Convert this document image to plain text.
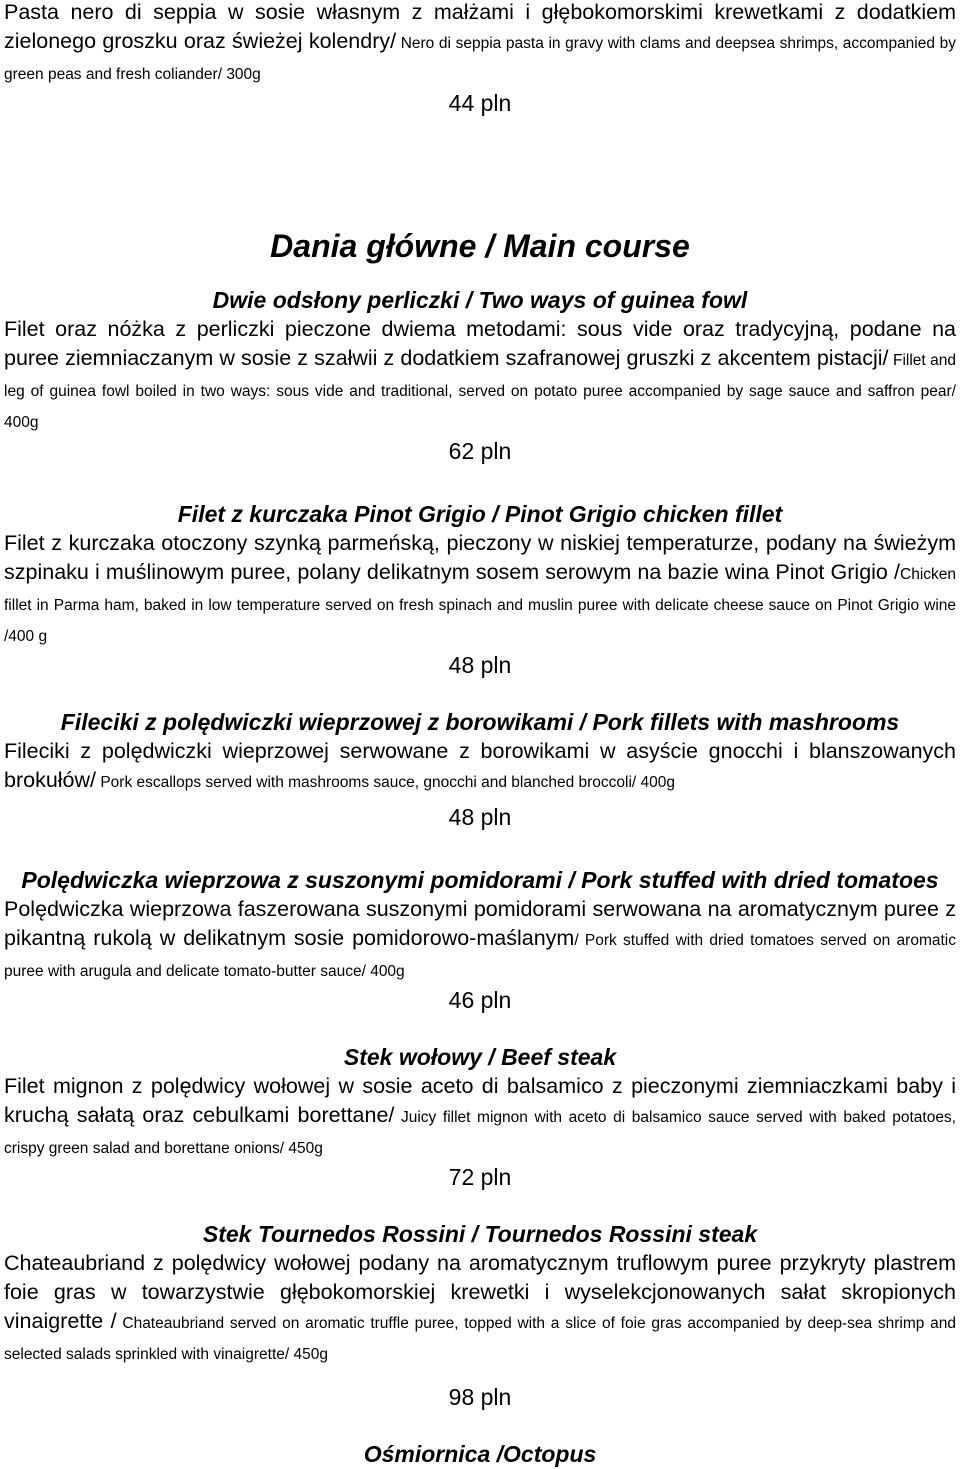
Pasta nero di seppia w sosie własnym z małżami i głębokomorskimi krewetkami z dodatkiem zielonego groszku oraz świeżej kolendry/ Nero di seppia pasta in gravy with clams and deepsea shrimps, accompanied by green peas and fresh coliander/ 300g

44 pln

Dania główne / Main course
Dwie odsłony perliczki / Two ways of guinea fowl

Filet oraz nóżka z perliczki pieczone dwiema metodami: sous vide oraz tradycyjną, podane na puree ziemniaczanym w sosie z szałwii z dodatkiem szafranowej gruszki z akcentem pistacji/ Fillet and leg of guinea fowl boiled in two ways: sous vide and traditional, served on potato puree accompanied by sage sauce and saffron pear/ 400g

62 pln

Filet z kurczaka Pinot Grigio / Pinot Grigio chicken fillet

Filet z kurczaka otoczony szynką parmeńską, pieczony w niskiej temperaturze, podany na świeżym szpinaku i muślinowym puree, polany delikatnym sosem serowym na bazie wina Pinot Grigio /Chicken fillet in Parma ham, baked in low temperature served on fresh spinach and muslin puree with delicate cheese sauce on Pinot Grigio wine /400 g

48 pln

Fileciki z polędwiczki wieprzowej z borowikami / Pork fillets with mashrooms

Fileciki z polędwiczki wieprzowej serwowane z borowikami w asyście gnocchi i blanszowanych brokułów/ Pork escallops served with mashrooms sauce, gnocchi and blanched broccoli/ 400g

48 pln

Polędwiczka wieprzowa z suszonymi pomidorami / Pork stuffed with dried tomatoes

Polędwiczka wieprzowa faszerowana suszonymi pomidorami serwowana na aromatycznym puree z pikantną rukolą w delikatnym sosie pomidorowo-maślanym/ Pork stuffed with dried tomatoes served on aromatic puree with arugula and delicate tomato-butter sauce/ 400g

46 pln

Stek wołowy / Beef steak

Filet mignon z polędwicy wołowej w sosie aceto di balsamico z pieczonymi ziemniaczkami baby i kruchą sałatą oraz cebulkami borettane/ Juicy fillet mignon with aceto di balsamico sauce served with baked potatoes, crispy green salad and borettane onions/ 450g

72 pln

Stek Tournedos Rossini / Tournedos Rossini steak

Chateaubriand z polędwicy wołowej podany na aromatycznym truflowym puree przykryty plastrem foie gras w towarzystwie głębokomorskiej krewetki i wyselekcjonowanych sałat skropionych vinaigrette / Chateaubriand served on aromatic truffle puree, topped with a slice of foie gras accompanied by deep-sea shrimp and selected salads sprinkled with vinaigrette/ 450g

98 pln

Ośmiornica /Octopus
